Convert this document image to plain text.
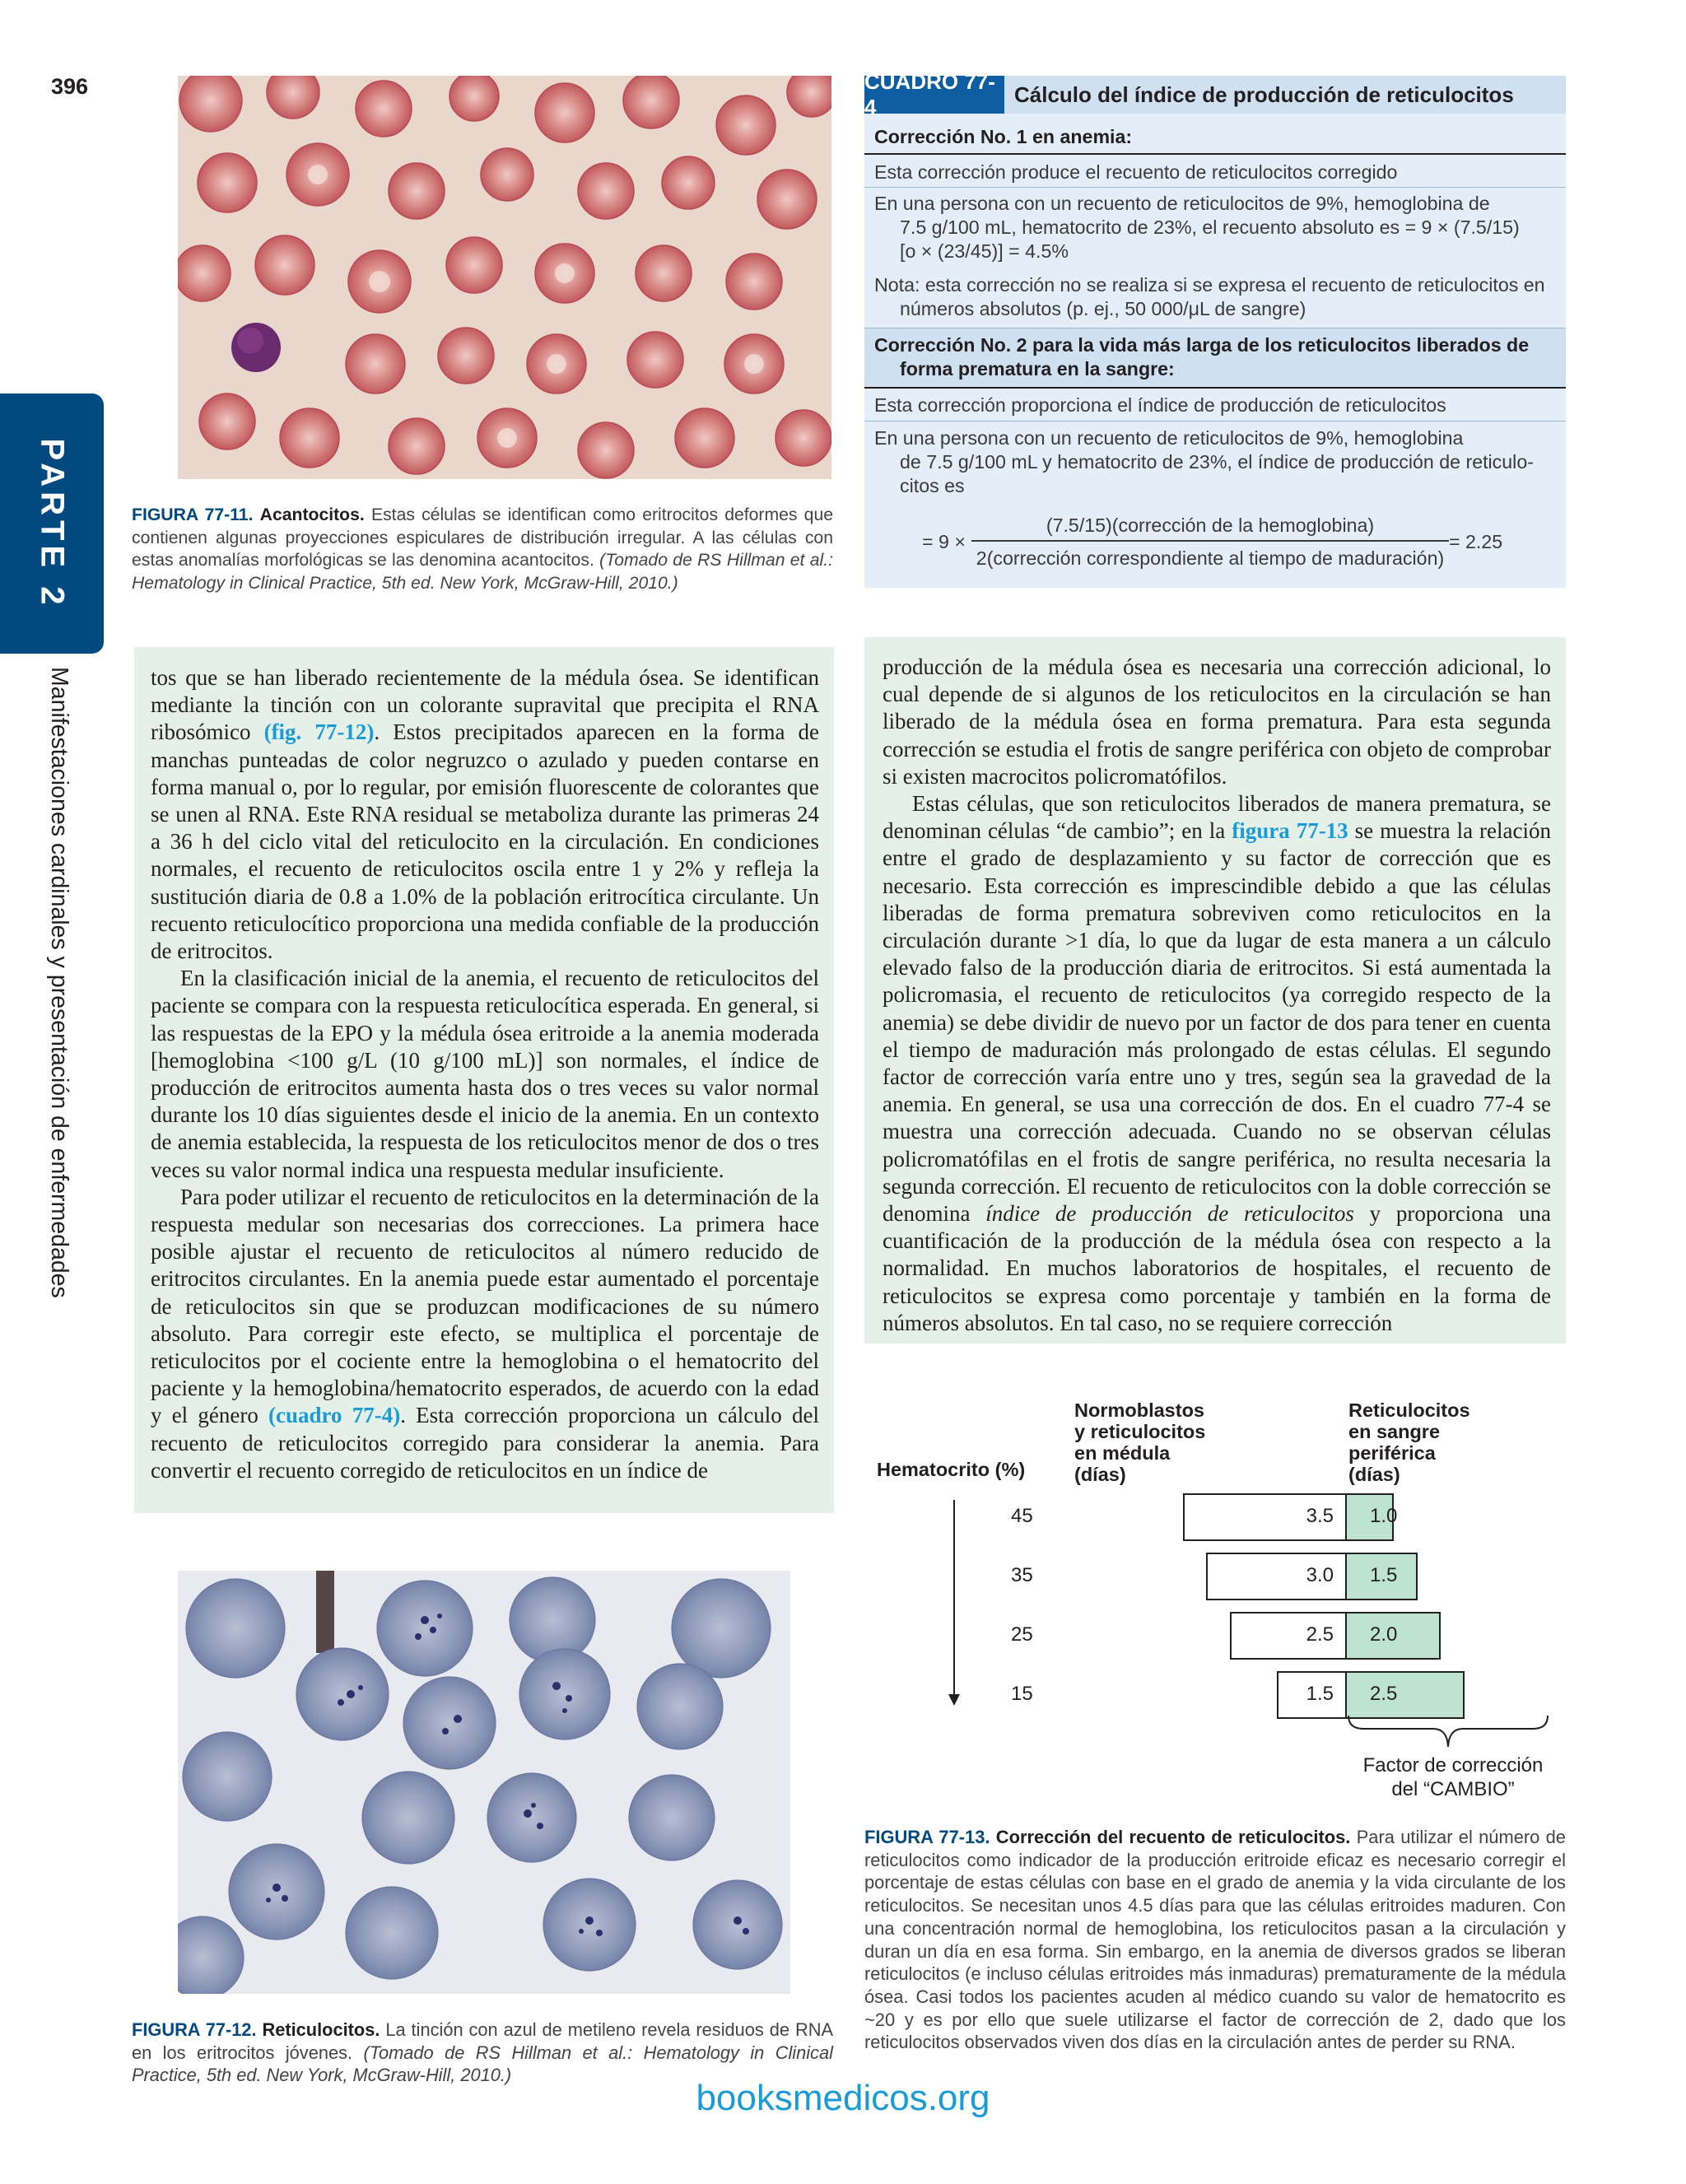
396
PARTE 2
Manifestaciones cardinales y presentación de enfermedades
FIGURA 77-11. Acantocitos. Estas células se identifican como eritrocitos deformes que contienen algunas proyecciones espiculares de distribución irregular. A las células con estas anomalías morfológicas se las denomina acantocitos. (Tomado de RS Hillman et al.: Hematology in Clinical Practice, 5th ed. New York, McGraw-Hill, 2010.)
CUADRO 77-4	Cálculo del índice de producción de reticulocitos
Corrección No. 1 en anemia:
Esta corrección produce el recuento de reticulocitos corregido
En una persona con un recuento de reticulocitos de 9%, hemoglobina de
7.5 g/100 mL, hematocrito de 23%, el recuento absoluto es = 9 × (7.5/15)
[o × (23/45)] = 4.5%
Nota: esta corrección no se realiza si se expresa el recuento de reticulocitos en
números absolutos (p. ej., 50 000/μL de sangre)
Corrección No. 2 para la vida más larga de los reticulocitos liberados de
forma prematura en la sangre:
Esta corrección proporciona el índice de producción de reticulocitos
En una persona con un recuento de reticulocitos de 9%, hemoglobina
de 7.5 g/100 mL y hematocrito de 23%, el índice de producción de reticulo-
citos es
= 9 ×
(7.5/15)(corrección de la hemoglobina)
2(corrección correspondiente al tiempo de maduración)
= 2.25

tos que se han liberado recientemente de la médula ósea. Se identifican mediante la tinción con un colorante supravital que precipita el RNA ribosómico (fig. 77-12). Estos precipitados aparecen en la forma de manchas punteadas de color negruzco o azulado y pueden contarse en forma manual o, por lo regular, por emisión fluorescente de colorantes que se unen al RNA. Este RNA residual se metaboliza durante las primeras 24 a 36 h del ciclo vital del reticulocito en la circulación. En condiciones normales, el recuento de reticulocitos oscila entre 1 y 2% y refleja la sustitución diaria de 0.8 a 1.0% de la población eritrocítica circulante. Un recuento reticulocítico proporciona una medida confiable de la producción de eritrocitos.

En la clasificación inicial de la anemia, el recuento de reticulocitos del paciente se compara con la respuesta reticulocítica esperada. En general, si las respuestas de la EPO y la médula ósea eritroide a la anemia moderada [hemoglobina <100 g/L (10 g/100 mL)] son normales, el índice de producción de eritrocitos aumenta hasta dos o tres veces su valor normal durante los 10 días siguientes desde el inicio de la anemia. En un contexto de anemia establecida, la respuesta de los reticulocitos menor de dos o tres veces su valor normal indica una respuesta medular insuficiente.

Para poder utilizar el recuento de reticulocitos en la determinación de la respuesta medular son necesarias dos correcciones. La primera hace posible ajustar el recuento de reticulocitos al número reducido de eritrocitos circulantes. En la anemia puede estar aumentado el porcentaje de reticulocitos sin que se produzcan modificaciones de su número absoluto. Para corregir este efecto, se multiplica el porcentaje de reticulocitos por el cociente entre la hemoglobina o el hematocrito del paciente y la hemoglobina/hematocrito esperados, de acuerdo con la edad y el género (cuadro 77-4). Esta corrección proporciona un cálculo del recuento de reticulocitos corregido para considerar la anemia. Para convertir el recuento corregido de reticulocitos en un índice de

producción de la médula ósea es necesaria una corrección adicional, lo cual depende de si algunos de los reticulocitos en la circulación se han liberado de la médula ósea en forma prematura. Para esta segunda corrección se estudia el frotis de sangre periférica con objeto de comprobar si existen macrocitos policromatófilos.

Estas células, que son reticulocitos liberados de manera prematura, se denominan células “de cambio”; en la figura 77-13 se muestra la relación entre el grado de desplazamiento y su factor de corrección que es necesario. Esta corrección es imprescindible debido a que las células liberadas de forma prematura sobreviven como reticulocitos en la circulación durante >1 día, lo que da lugar de esta manera a un cálculo elevado falso de la producción diaria de eritrocitos. Si está aumentada la policromasia, el recuento de reticulocitos (ya corregido respecto de la anemia) se debe dividir de nuevo por un factor de dos para tener en cuenta el tiempo de maduración más prolongado de estas células. El segundo factor de corrección varía entre uno y tres, según sea la gravedad de la anemia. En general, se usa una corrección de dos. En el cuadro 77-4 se muestra una corrección adecuada. Cuando no se observan células policromatófilas en el frotis de sangre periférica, no resulta necesaria la segunda corrección. El recuento de reticulocitos con la doble corrección se denomina índice de producción de reticulocitos y proporciona una cuantificación de la producción de la médula ósea con respecto a la normalidad. En muchos laboratorios de hospitales, el recuento de reticulocitos se expresa como porcentaje y también en la forma de números absolutos. En tal caso, no se requiere corrección

FIGURA 77-12. Reticulocitos. La tinción con azul de metileno revela residuos de RNA en los eritrocitos jóvenes. (Tomado de RS Hillman et al.: Hematology in Clinical Practice, 5th ed. New York, McGraw-Hill, 2010.)
Hematocrito (%)
Normoblastos
y reticulocitos
en médula
(días)
Reticulocitos
en sangre
periférica
(días)
45	3.5 1.0
35	3.0 1.5
25	2.5 2.0
15	1.5 2.5
Factor de corrección
del “CAMBIO”
FIGURA 77-13. Corrección del recuento de reticulocitos. Para utilizar el número de reticulocitos como indicador de la producción eritroide eficaz es necesario corregir el porcentaje de estas células con base en el grado de anemia y la vida circulante de los reticulocitos. Se necesitan unos 4.5 días para que las células eritroides maduren. Con una concentración normal de hemoglobina, los reticulocitos pasan a la circulación y duran un día en esa forma. Sin embargo, en la anemia de diversos grados se liberan reticulocitos (e incluso células eritroides más inmaduras) prematuramente de la médula ósea. Casi todos los pacientes acuden al médico cuando su valor de hematocrito es ~20 y es por ello que suele utilizarse el factor de corrección de 2, dado que los reticulocitos observados viven dos días en la circulación antes de perder su RNA.
booksmedicos.org
